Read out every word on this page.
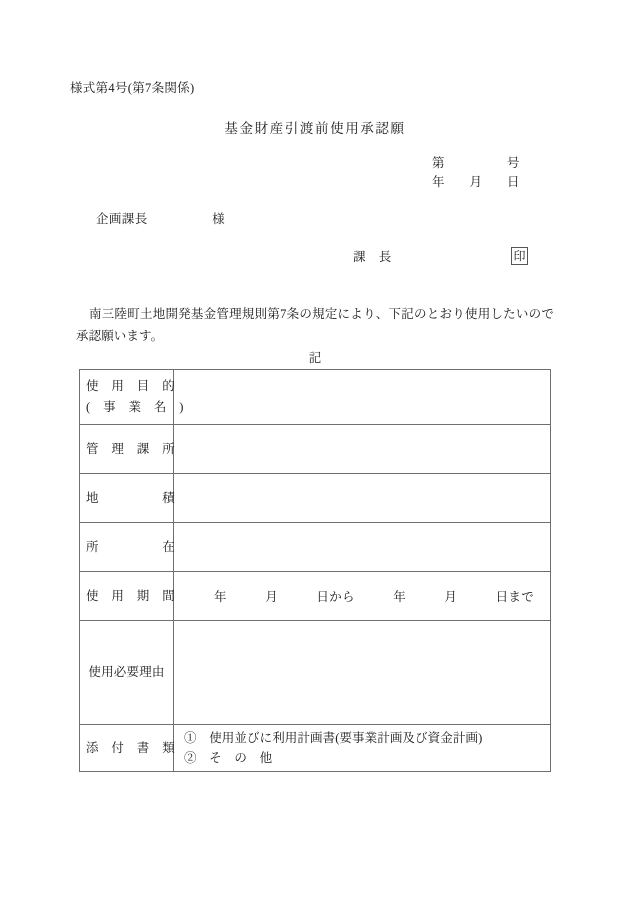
様式第4号(第7条関係)
基金財産引渡前使用承認願
第　　　　　号
年　　月　　日
企画課長　　　　　様
課　長	印
南三陸町土地開発基金管理規則第7条の規定により、下記のとおり使用したいので承認願います。
記
使　用　目　的
(　事　業　名　)	

管　理　課　所	

地　　　　　積	

所　　　　　在	

使　用　期　間	年　　　月　　　日から　　　年　　　月　　　日まで

使用必要理由	

添　付　書　類	①　使用並びに利用計画書(要事業計画及び資金計画)
②　そ　の　他
